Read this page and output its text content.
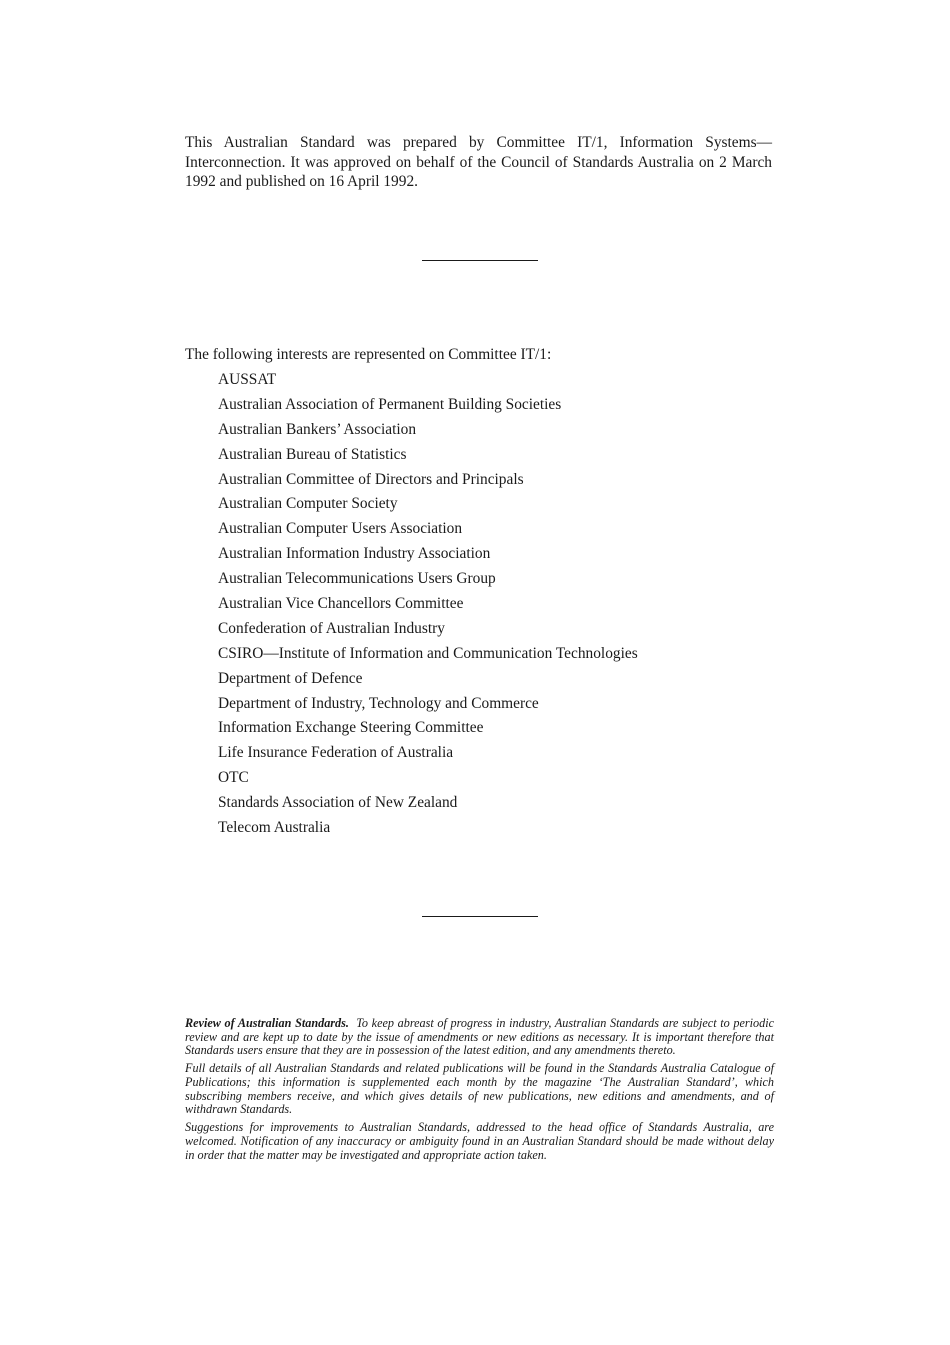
This Australian Standard was prepared by Committee IT/1, Information Systems—Interconnection. It was approved on behalf of the Council of Standards Australia on 2 March 1992 and published on 16 April 1992.

The following interests are represented on Committee IT/1:

AUSSAT
Australian Association of Permanent Building Societies
Australian Bankers’ Association
Australian Bureau of Statistics
Australian Committee of Directors and Principals
Australian Computer Society
Australian Computer Users Association
Australian Information Industry Association
Australian Telecommunications Users Group
Australian Vice Chancellors Committee
Confederation of Australian Industry
CSIRO—Institute of Information and Communication Technologies
Department of Defence
Department of Industry, Technology and Commerce
Information Exchange Steering Committee
Life Insurance Federation of Australia
OTC
Standards Association of New Zealand
Telecom Australia

Review of Australian Standards. To keep abreast of progress in industry, Australian Standards are subject to periodic review and are kept up to date by the issue of amendments or new editions as necessary. It is important therefore that Standards users ensure that they are in possession of the latest edition, and any amendments thereto.

Full details of all Australian Standards and related publications will be found in the Standards Australia Catalogue of Publications; this information is supplemented each month by the magazine ‘The Australian Standard’, which subscribing members receive, and which gives details of new publications, new editions and amendments, and of withdrawn Standards.

Suggestions for improvements to Australian Standards, addressed to the head office of Standards Australia, are welcomed. Notification of any inaccuracy or ambiguity found in an Australian Standard should be made without delay in order that the matter may be investigated and appropriate action taken.
